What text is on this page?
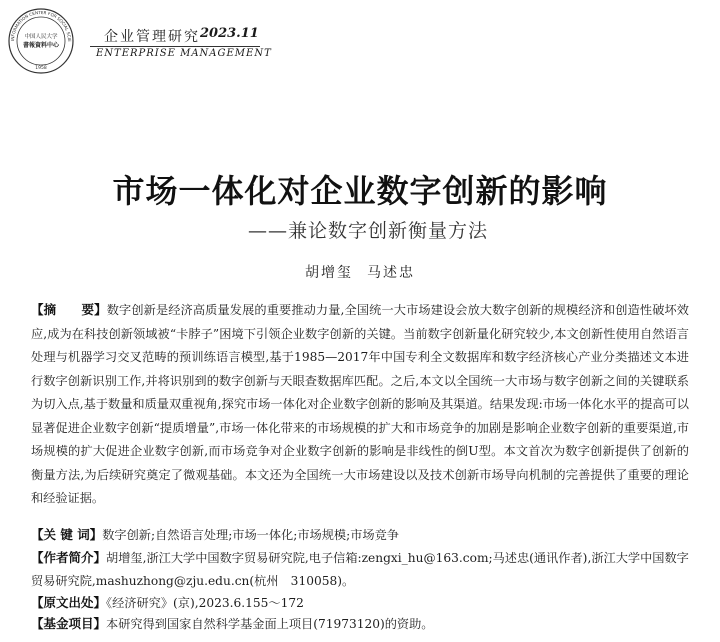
INFORMATION CENTER FOR SOCIAL SCIE
中国人民大学
書報資料中心
1958
企业管理研究 2023.11
ENTERPRISE MANAGEMENT
市场一体化对企业数字创新的影响
——兼论数字创新衡量方法
胡增玺 马述忠
【摘　　要】数字创新是经济高质量发展的重要推动力量,全国统一大市场建设会放大数字创新的规模经济和创造性破坏效应,成为在科技创新领域被“卡脖子”困境下引领企业数字创新的关键。当前数字创新量化研究较少,本文创新性使用自然语言处理与机器学习交叉范畴的预训练语言模型,基于1985—2017年中国专利全文数据库和数字经济核心产业分类描述文本进行数字创新识别工作,并将识别到的数字创新与天眼查数据库匹配。之后,本文以全国统一大市场与数字创新之间的关键联系为切入点,基于数量和质量双重视角,探究市场一体化对企业数字创新的影响及其渠道。结果发现:市场一体化水平的提高可以显著促进企业数字创新“提质增量”,市场一体化带来的市场规模的扩大和市场竞争的加剧是影响企业数字创新的重要渠道,市场规模的扩大促进企业数字创新,而市场竞争对企业数字创新的影响是非线性的倒U型。本文首次为数字创新提供了创新的衡量方法,为后续研究奠定了微观基础。本文还为全国统一大市场建设以及技术创新市场导向机制的完善提供了重要的理论和经验证据。
【关 键 词】数字创新;自然语言处理;市场一体化;市场规模;市场竞争
【作者简介】胡增玺,浙江大学中国数字贸易研究院,电子信箱:zengxi_hu@163.com;马述忠(通讯作者),浙江大学中国数字贸易研究院,mashuzhong@zju.edu.cn(杭州　310058)。
【原文出处】《经济研究》(京),2023.6.155～172
【基金项目】本研究得到国家自然科学基金面上项目(71973120)的资助。
